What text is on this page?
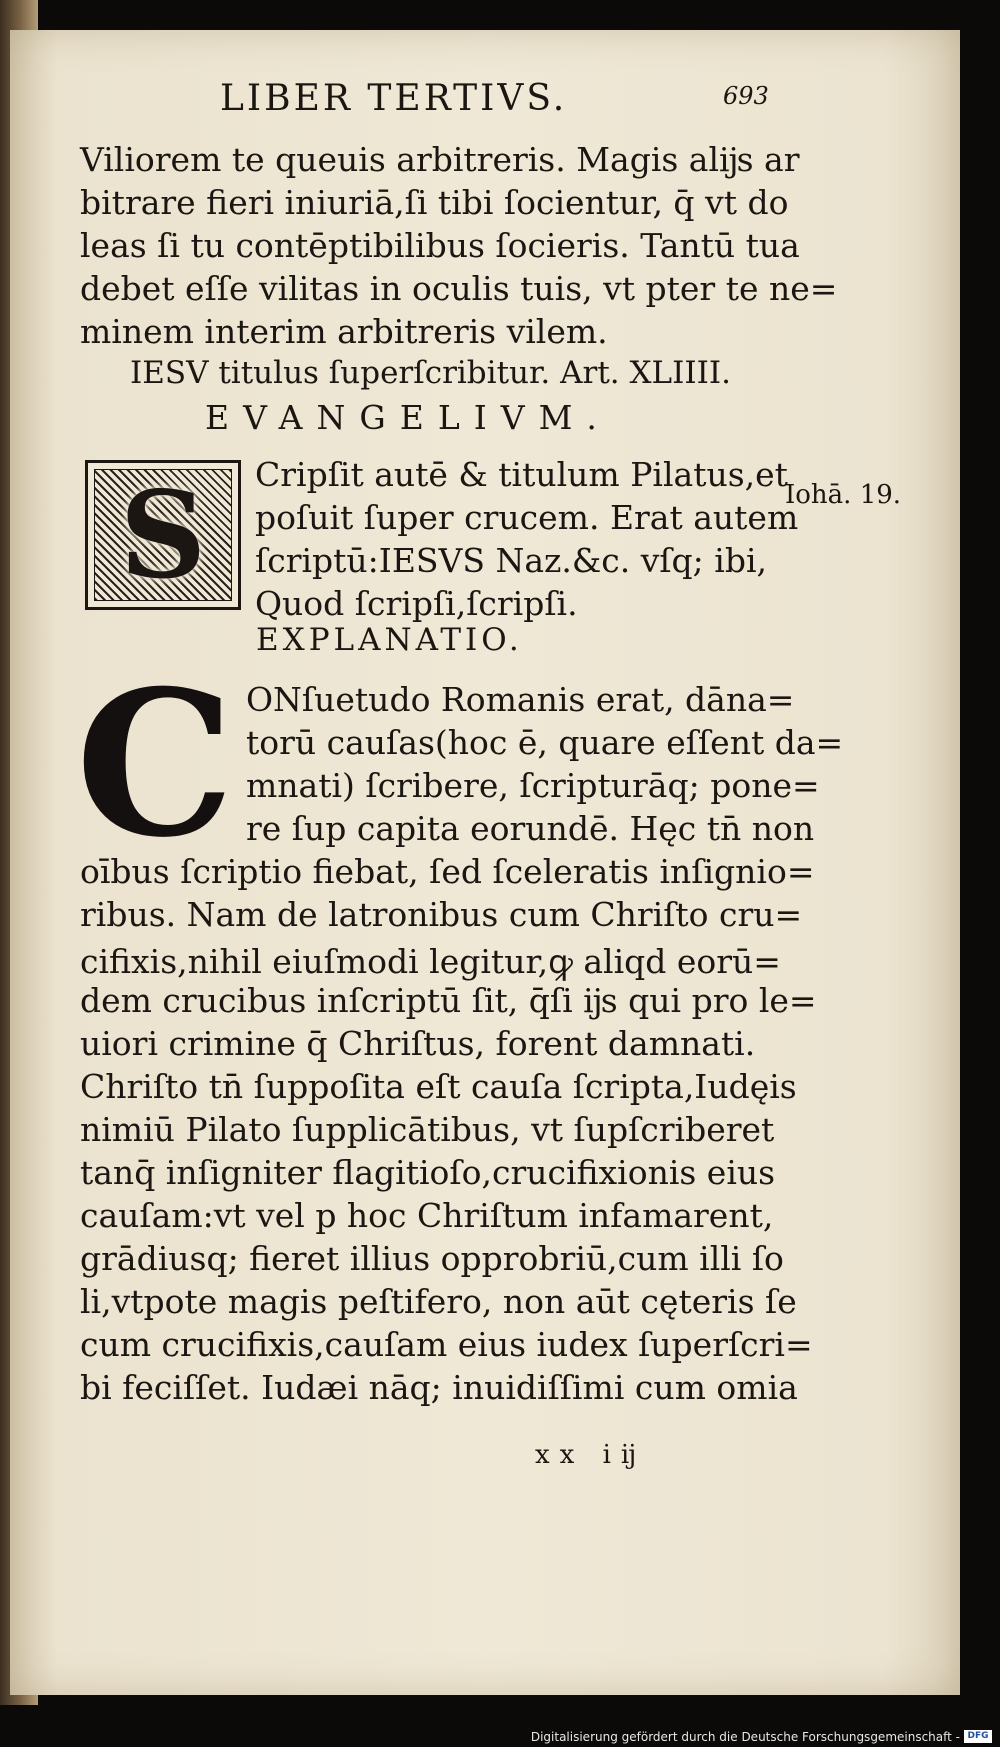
LIBER TERTIVS.	693
Viliorem te queuis arbitreris. Magis alĳs ar
bitrare fieri iniuriā,ſi tibi ſocientur, q̄ vt do
leas ſi tu contēptibilibus ſocieris. Tantū tua
debet eſſe vilitas in oculis tuis, vt pter te ne=
minem interim arbitreris vilem.
IESV titulus ſuperſcribitur. Art. XLIIII.
EVANGELIVM.
S	Cripſit autē & titulum Pilatus,et
poſuit ſuper crucem. Erat autem
ſcriptū:IESVS Naz.&c. vſq; ibi,
Quod ſcripſi,ſcripſi.
Iohā. 19.
EXPLANATIO.
C ONſuetudo Romanis erat, dāna=
torū cauſas(hoc ē, quare eſſent da=
mnati) ſcribere, ſcripturāq; pone=
re ſup capita eorundē. Hęc tn̄ non
oībus ſcriptio fiebat, ſed ſceleratis inſignio=
ribus. Nam de latronibus cum Chriſto cru=
cifixis,nihil eiuſmodi legitur,ꝙ aliqd eorū=
dem crucibus inſcriptū ſit, q̄ſi ĳs qui pro le=
uiori crimine q̄ Chriſtus, forent damnati.
Chriſto tn̄ ſuppoſita eſt cauſa ſcripta,Iudęis
nimiū Pilato ſupplicātibus, vt ſupſcriberet
tanq̄ inſigniter flagitioſo,crucifixionis eius
cauſam:vt vel p hoc Chriſtum infamarent,
grādiusq; fieret illius opprobriū,cum illi ſo
li,vtpote magis peſtifero, non aūt cęteris ſe
cum crucifixis,cauſam eius iudex ſuperſcri=
bi feciſſet. Iudæi nāq; inuidiſſimi cum omia
xx iĳ
Digitalisierung gefördert durch die Deutsche Forschungsgemeinschaft - DFG
